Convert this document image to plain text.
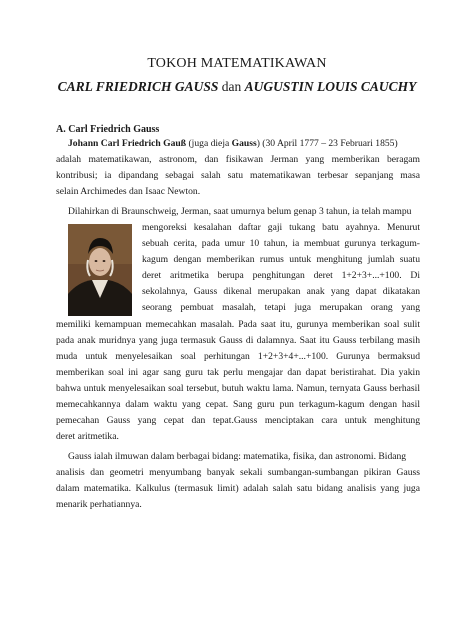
TOKOH MATEMATIKAWAN
CARL FRIEDRICH GAUSS dan AUGUSTIN LOUIS CAUCHY
A. Carl Friedrich Gauss
Johann Carl Friedrich Gauß (juga dieja Gauss) (30 April 1777 – 23 Februari 1855)
adalah matematikawan, astronom, dan fisikawan Jerman yang memberikan beragam
kontribusi; ia dipandang sebagai salah satu matematikawan terbesar sepanjang masa
selain Archimedes dan Isaac Newton.
Dilahirkan di Braunschweig, Jerman, saat umurnya belum genap 3 tahun, ia telah mampu
mengoreksi kesalahan daftar gaji tukang batu ayahnya. Menurut
sebuah cerita, pada umur 10 tahun, ia membuat gurunya terkagum-
kagum dengan memberikan rumus untuk menghitung jumlah suatu
deret aritmetika berupa penghitungan deret 1+2+3+...+100. Di
sekolahnya, Gauss dikenal merupakan anak yang dapat dikatakan
seorang pembuat masalah, tetapi juga merupakan orang yang
memiliki kemampuan memecahkan masalah. Pada saat itu, gurunya memberikan soal sulit
pada anak muridnya yang juga termasuk Gauss di dalamnya. Saat itu Gauss terbilang masih
muda untuk menyelesaikan soal perhitungan 1+2+3+4+...+100. Gurunya bermaksud
memberikan soal ini agar sang guru tak perlu mengajar dan dapat beristirahat. Dia yakin
bahwa untuk menyelesaikan soal tersebut, butuh waktu lama. Namun, ternyata Gauss berhasil
memecahkannya dalam waktu yang cepat. Sang guru pun terkagum-kagum dengan hasil
pemecahan Gauss yang cepat dan tepat.Gauss menciptakan cara untuk menghitung
deret aritmetika.
Gauss ialah ilmuwan dalam berbagai bidang: matematika, fisika, dan astronomi. Bidang
analisis dan geometri menyumbang banyak sekali sumbangan-sumbangan pikiran Gauss
dalam matematika. Kalkulus (termasuk limit) adalah salah satu bidang analisis yang juga
menarik perhatiannya.
